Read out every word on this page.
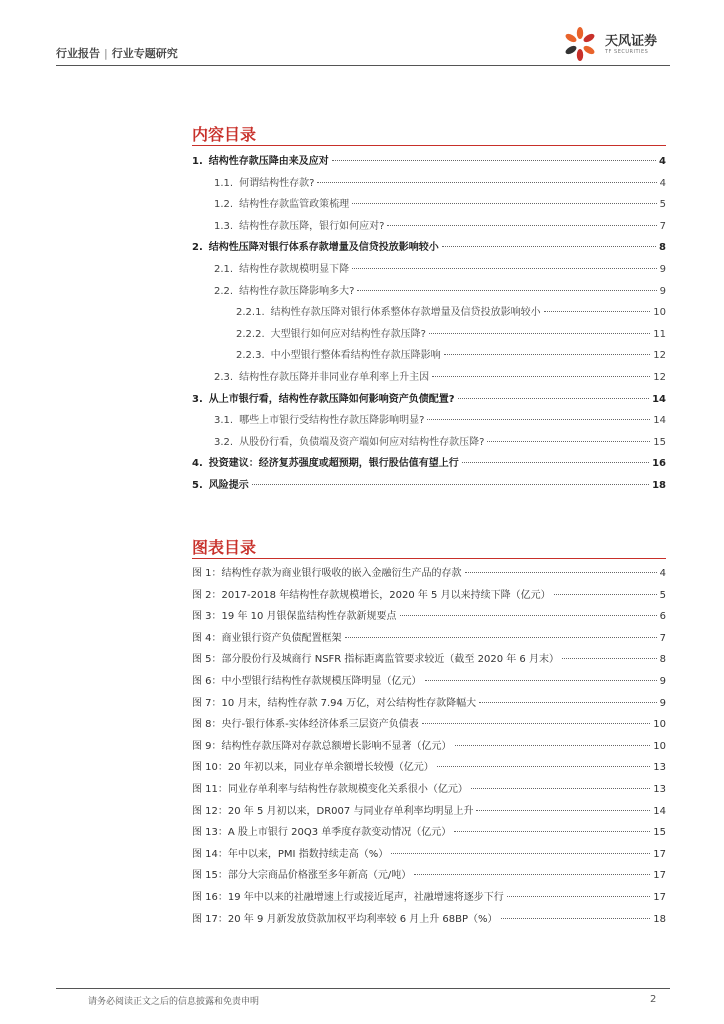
行业报告 | 行业专题研究
天风证券
TF SECURITIES
内容目录
1. 结构性存款压降由来及应对	4
1.1. 何谓结构性存款?	4
1.2. 结构性存款监管政策梳理	5
1.3. 结构性存款压降，银行如何应对?	7
2. 结构性压降对银行体系存款增量及信贷投放影响较小	8
2.1. 结构性存款规模明显下降	9
2.2. 结构性存款压降影响多大?	9
2.2.1. 结构性存款压降对银行体系整体存款增量及信贷投放影响较小	10
2.2.2. 大型银行如何应对结构性存款压降?	11
2.2.3. 中小型银行整体看结构性存款压降影响	12
2.3. 结构性存款压降并非同业存单利率上升主因	12
3. 从上市银行看，结构性存款压降如何影响资产负债配置?	14
3.1. 哪些上市银行受结构性存款压降影响明显?	14
3.2. 从股份行看，负债端及资产端如何应对结构性存款压降?	15
4. 投资建议：经济复苏强度或超预期，银行股估值有望上行	16
5. 风险提示	18
图表目录
图 1：结构性存款为商业银行吸收的嵌入金融衍生产品的存款	4
图 2：2017-2018 年结构性存款规模增长，2020 年 5 月以来持续下降（亿元）	5
图 3：19 年 10 月银保监结构性存款新规要点	6
图 4：商业银行资产负债配置框架	7
图 5：部分股份行及城商行 NSFR 指标距离监管要求较近（截至 2020 年 6 月末）	8
图 6：中小型银行结构性存款规模压降明显（亿元）	9
图 7：10 月末，结构性存款 7.94 万亿，对公结构性存款降幅大	9
图 8：央行-银行体系-实体经济体系三层资产负债表	10
图 9：结构性存款压降对存款总额增长影响不显著（亿元）	10
图 10：20 年初以来，同业存单余额增长较慢（亿元）	13
图 11：同业存单利率与结构性存款规模变化关系很小（亿元）	13
图 12：20 年 5 月初以来，DR007 与同业存单利率均明显上升	14
图 13：A 股上市银行 20Q3 单季度存款变动情况（亿元）	15
图 14：年中以来，PMI 指数持续走高（%）	17
图 15：部分大宗商品价格涨至多年新高（元/吨）	17
图 16：19 年中以来的社融增速上行或接近尾声，社融增速将逐步下行	17
图 17：20 年 9 月新发放贷款加权平均利率较 6 月上升 68BP（%）	18
请务必阅读正文之后的信息披露和免责申明	2
